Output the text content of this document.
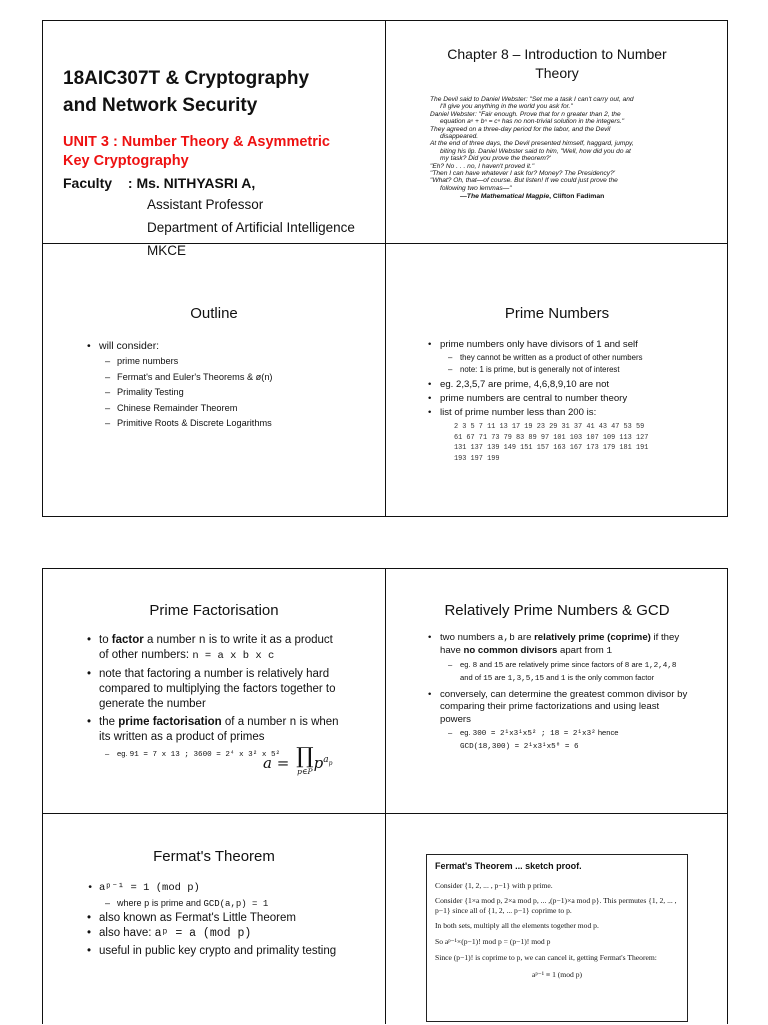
18AIC307T & Cryptography
and Network Security
UNIT 3 : Number Theory & Asymmetric
Key Cryptography
Faculty : Ms. NITHYASRI A,
Assistant Professor
Department of Artificial Intelligence
MKCE
Chapter 8 – Introduction to Number
Theory
The Devil said to Daniel Webster: "Set me a task I can't carry out, and
I'll give you anything in the world you ask for."
Daniel Webster: "Fair enough. Prove that for n greater than 2, the
equation aⁿ + bⁿ = cⁿ has no non-trivial solution in the integers."
They agreed on a three-day period for the labor, and the Devil
disappeared.
At the end of three days, the Devil presented himself, haggard, jumpy,
biting his lip. Daniel Webster said to him, "Well, how did you do at
my task? Did you prove the theorem?'
"Eh? No . . . no, I haven't proved it."
"Then I can have whatever I ask for? Money? The Presidency?'
"What? Oh, that—of course. But listen! If we could just prove the
following two lemmas—"
—The Mathematical Magpie, Clifton Fadiman
Outline
• will consider:
– prime numbers
– Fermat's and Euler's Theorems & ø(n)
– Primality Testing
– Chinese Remainder Theorem
– Primitive Roots & Discrete Logarithms
Prime Numbers
• prime numbers only have divisors of 1 and self
– they cannot be written as a product of other numbers
– note: 1 is prime, but is generally not of interest
• eg. 2,3,5,7 are prime, 4,6,8,9,10 are not
• prime numbers are central to number theory
• list of prime number less than 200 is:
2 3 5 7 11 13 17 19 23 29 31 37 41 43 47 53 59
61 67 71 73 79 83 89 97 101 103 107 109 113 127
131 137 139 149 151 157 163 167 173 179 181 191
193 197 199
Prime Factorisation
• to factor a number n is to write it as a product of other numbers: n = a x b x c
• note that factoring a number is relatively hard compared to multiplying the factors together to generate the number
• the prime factorisation of a number n is when its written as a product of primes
– eg. 91 = 7 x 13 ; 3600 = 2⁴ x 3² x 5²
a = ∏
p∈P $p^{a_p}$
Relatively Prime Numbers & GCD
• two numbers a,b are relatively prime (coprime) if they have no common divisors apart from 1
– eg. 8 and 15 are relatively prime since factors of 8 are 1,2,4,8 and of 15 are 1,3,5,15 and 1 is the only common factor
• conversely, can determine the greatest common divisor by comparing their prime factorizations and using least powers
– eg. 300 = 2¹x3¹x5² ; 18 = 2¹x3² hence
GCD(18,300) = 2¹x3¹x5⁰ = 6
Fermat's Theorem
• aᵖ⁻¹ = 1 (mod p)
– where p is prime and GCD(a,p) = 1
• also known as Fermat's Little Theorem
• also have: aᵖ = a (mod p)
• useful in public key crypto and primality testing
Fermat's Theorem ... sketch proof.
Consider {1, 2, ... , p−1} with p prime.
Consider {1×a mod p, 2×a mod p, ... ,(p−1)×a mod p}. This permutes {1, 2, ... , p−1} since all of {1, 2, ... p−1} coprime to p.
In both sets, multiply all the elements together mod p.
So aᵖ⁻¹×(p−1)! mod p = (p−1)! mod p
Since (p−1)! is coprime to p, we can cancel it, getting Fermat's Theorem:
aᵖ⁻¹ ≡ 1 (mod p)
